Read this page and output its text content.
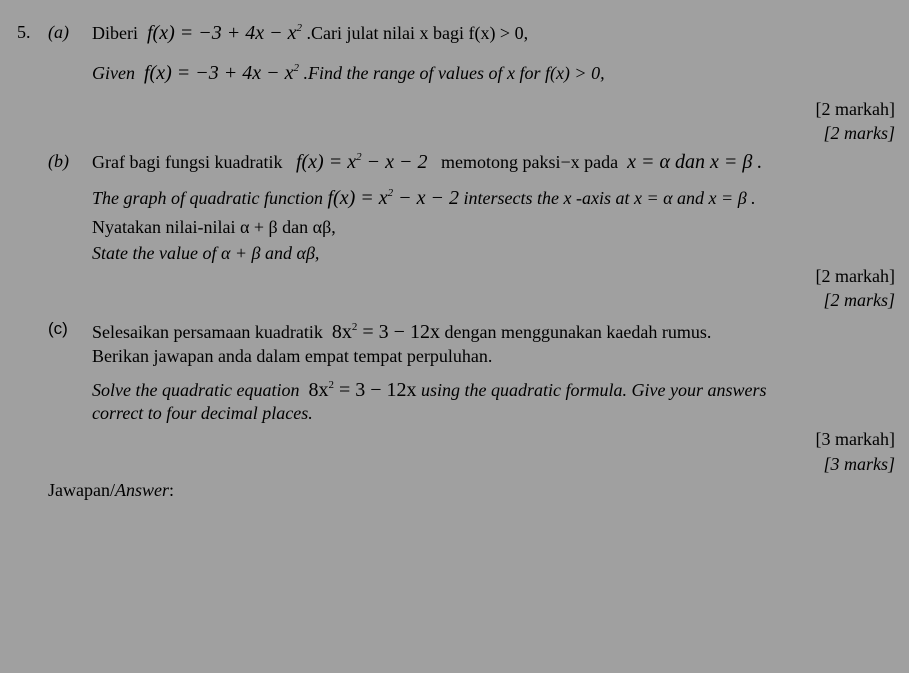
5. (a) Diberi $f(x) = -3 + 4x - x^2$ .Cari julat nilai x bagi f(x) > 0,
Given $f(x) = -3 + 4x - x^2$ .Find the range of values of x for f(x) > 0,
[2 markah]
[2 marks]
(b) Graf bagi fungsi kuadratik $f(x) = x^2 - x - 2$ memotong paksi−x pada x = α dan x = β .
The graph of quadratic function $f(x) = x^2 - x - 2$ intersects the x -axis at x = α and x = β .
Nyatakan nilai-nilai α + β dan αβ,
State the value of α + β and αβ,
[2 markah]
[2 marks]
(c) Selesaikan persamaan kuadratik $8x^2 = 3 - 12x$ dengan menggunakan kaedah rumus.
Berikan jawapan anda dalam empat tempat perpuluhan.
Solve the quadratic equation $8x^2 = 3 - 12x$ using the quadratic formula. Give your answers
correct to four decimal places.
[3 markah]
[3 marks]
Jawapan/Answer:
